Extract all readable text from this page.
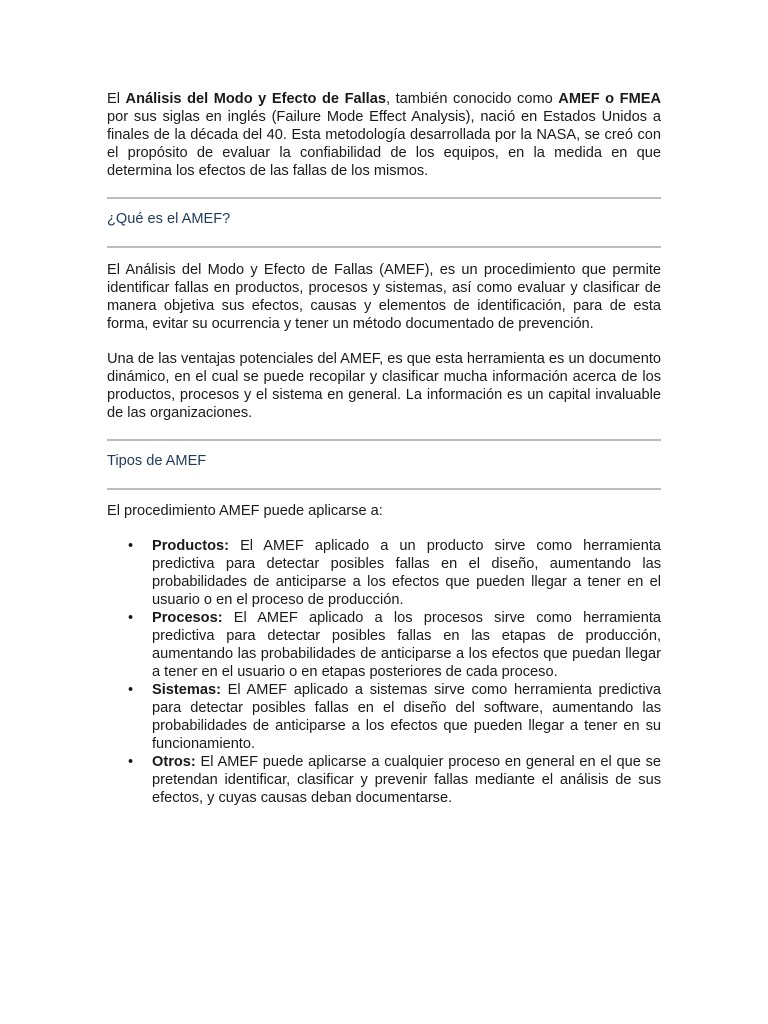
El Análisis del Modo y Efecto de Fallas, también conocido como AMEF o FMEA por sus siglas en inglés (Failure Mode Effect Analysis), nació en Estados Unidos a finales de la década del 40. Esta metodología desarrollada por la NASA, se creó con el propósito de evaluar la confiabilidad de los equipos, en la medida en que determina los efectos de las fallas de los mismos.

¿Qué es el AMEF?

El Análisis del Modo y Efecto de Fallas (AMEF), es un procedimiento que permite identificar fallas en productos, procesos y sistemas, así como evaluar y clasificar de manera objetiva sus efectos, causas y elementos de identificación, para de esta forma, evitar su ocurrencia y tener un método documentado de prevención.

Una de las ventajas potenciales del AMEF, es que esta herramienta es un documento dinámico, en el cual se puede recopilar y clasificar mucha información acerca de los productos, procesos y el sistema en general. La información es un capital invaluable de las organizaciones.

Tipos de AMEF

El procedimiento AMEF puede aplicarse a:

• Productos: El AMEF aplicado a un producto sirve como herramienta predictiva para detectar posibles fallas en el diseño, aumentando las probabilidades de anticiparse a los efectos que pueden llegar a tener en el usuario o en el proceso de producción.
• Procesos: El AMEF aplicado a los procesos sirve como herramienta predictiva para detectar posibles fallas en las etapas de producción, aumentando las probabilidades de anticiparse a los efectos que puedan llegar a tener en el usuario o en etapas posteriores de cada proceso.
• Sistemas: El AMEF aplicado a sistemas sirve como herramienta predictiva para detectar posibles fallas en el diseño del software, aumentando las probabilidades de anticiparse a los efectos que pueden llegar a tener en su funcionamiento.
• Otros: El AMEF puede aplicarse a cualquier proceso en general en el que se pretendan identificar, clasificar y prevenir fallas mediante el análisis de sus efectos, y cuyas causas deban documentarse.
